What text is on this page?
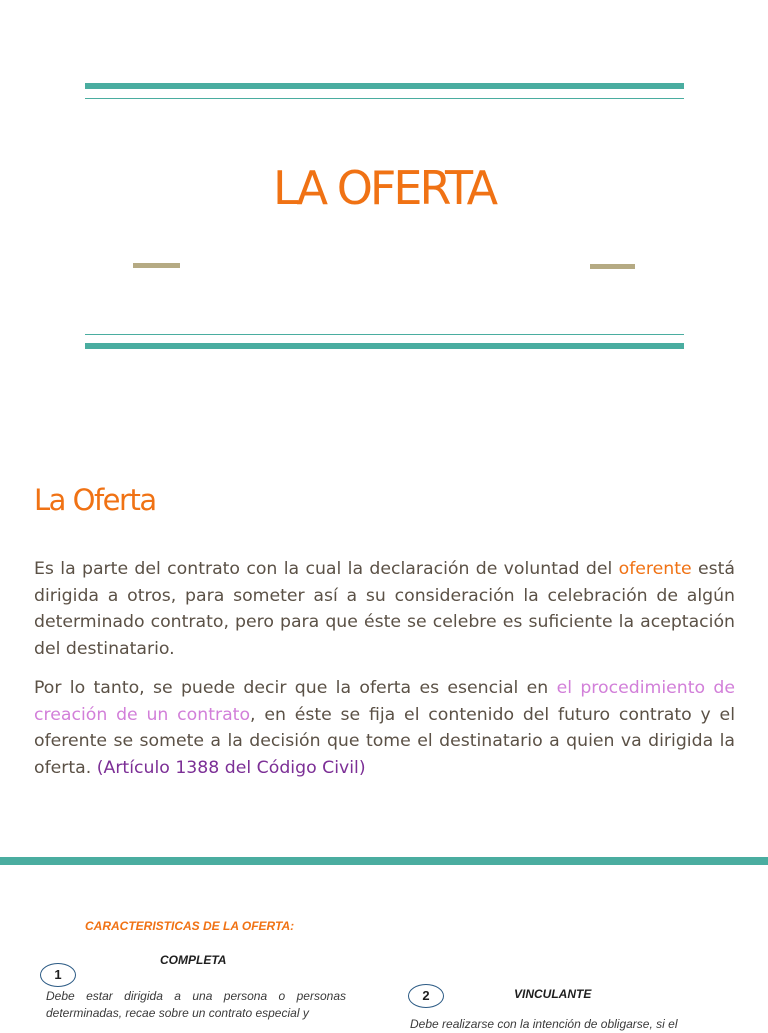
LA OFERTA
La Oferta

Es la parte del contrato con la cual la declaración de voluntad del oferente está dirigida a otros, para someter así a su consideración la celebración de algún determinado contrato, pero para que éste se celebre es suficiente la aceptación del destinatario.

Por lo tanto, se puede decir que la oferta es esencial en el procedimiento de creación de un contrato, en éste se fija el contenido del futuro contrato y el oferente se somete a la decisión que tome el destinatario a quien va dirigida la oferta. (Artículo 1388 del Código Civil)

CARACTERISTICAS DE LA OFERTA:
COMPLETA
1

Debe estar dirigida a una persona o personas determinadas, recae sobre un contrato especial y

2	VINCULANTE

Debe realizarse con la intención de obligarse, si el
